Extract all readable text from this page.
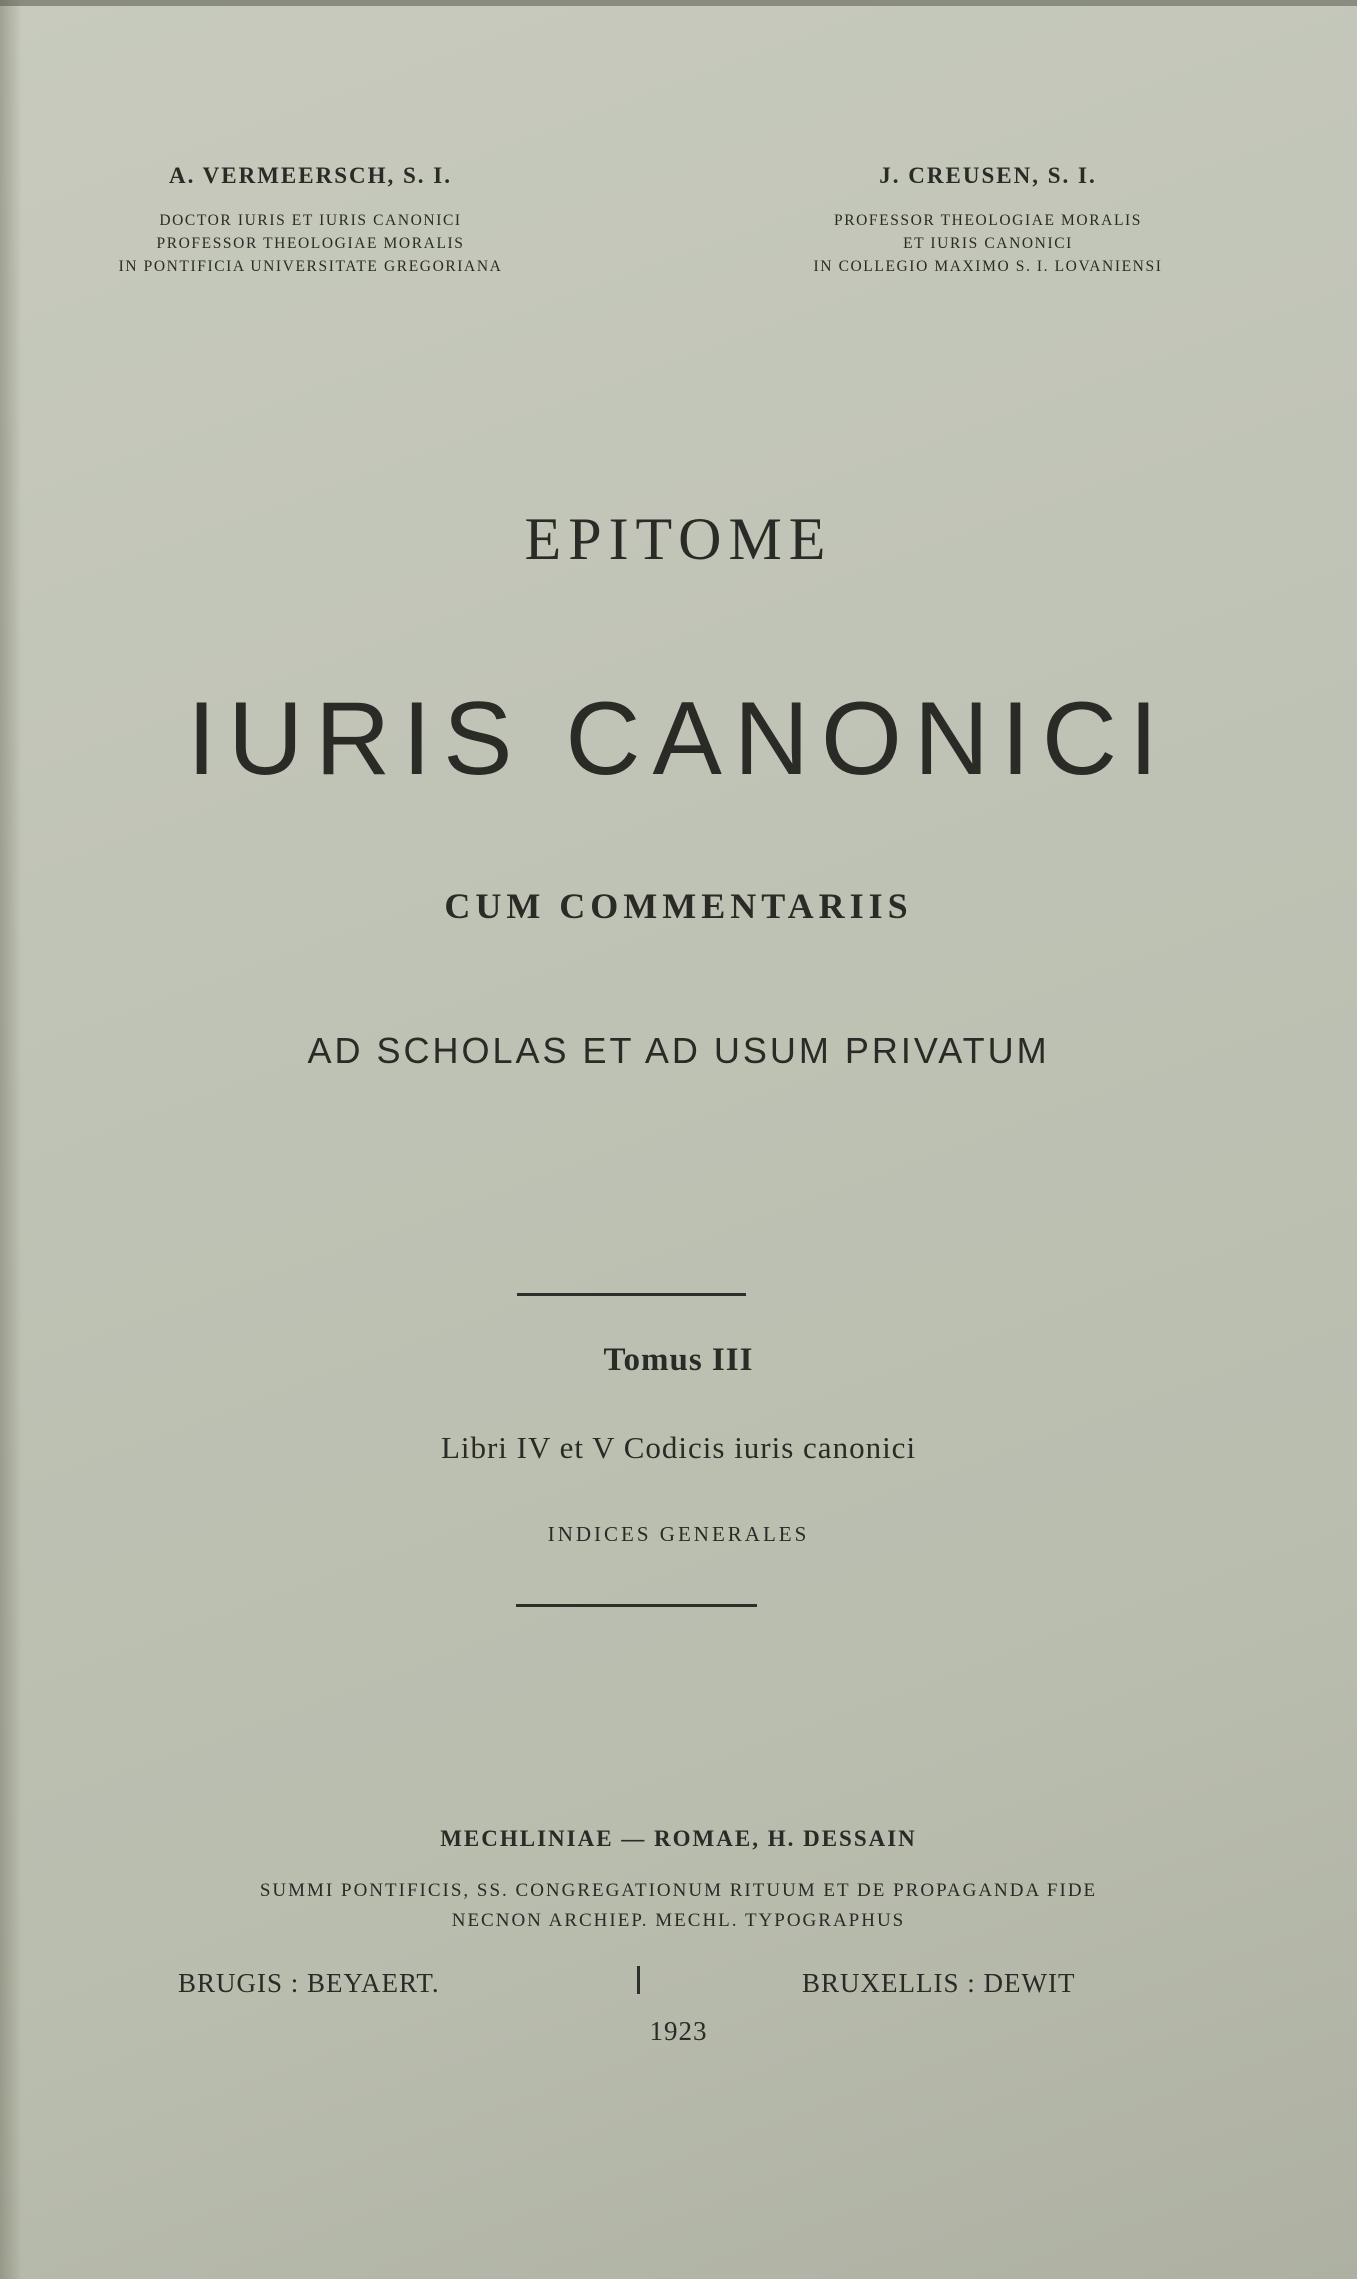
A. VERMEERSCH, S. I.
DOCTOR IURIS ET IURIS CANONICI
PROFESSOR THEOLOGIAE MORALIS
IN PONTIFICIA UNIVERSITATE GREGORIANA
J. CREUSEN, S. I.
PROFESSOR THEOLOGIAE MORALIS
ET IURIS CANONICI
IN COLLEGIO MAXIMO S. I. LOVANIENSI
EPITOME
IURIS CANONICI
CUM COMMENTARIIS
AD SCHOLAS ET AD USUM PRIVATUM
Tomus III
Libri IV et V Codicis iuris canonici
INDICES GENERALES
MECHLINIAE — ROMAE, H. DESSAIN
SUMMI PONTIFICIS, SS. CONGREGATIONUM RITUUM ET DE PROPAGANDA FIDE
NECNON ARCHIEP. MECHL. TYPOGRAPHUS
BRUGIS : BEYAERT.	BRUXELLIS : DEWIT
1923
